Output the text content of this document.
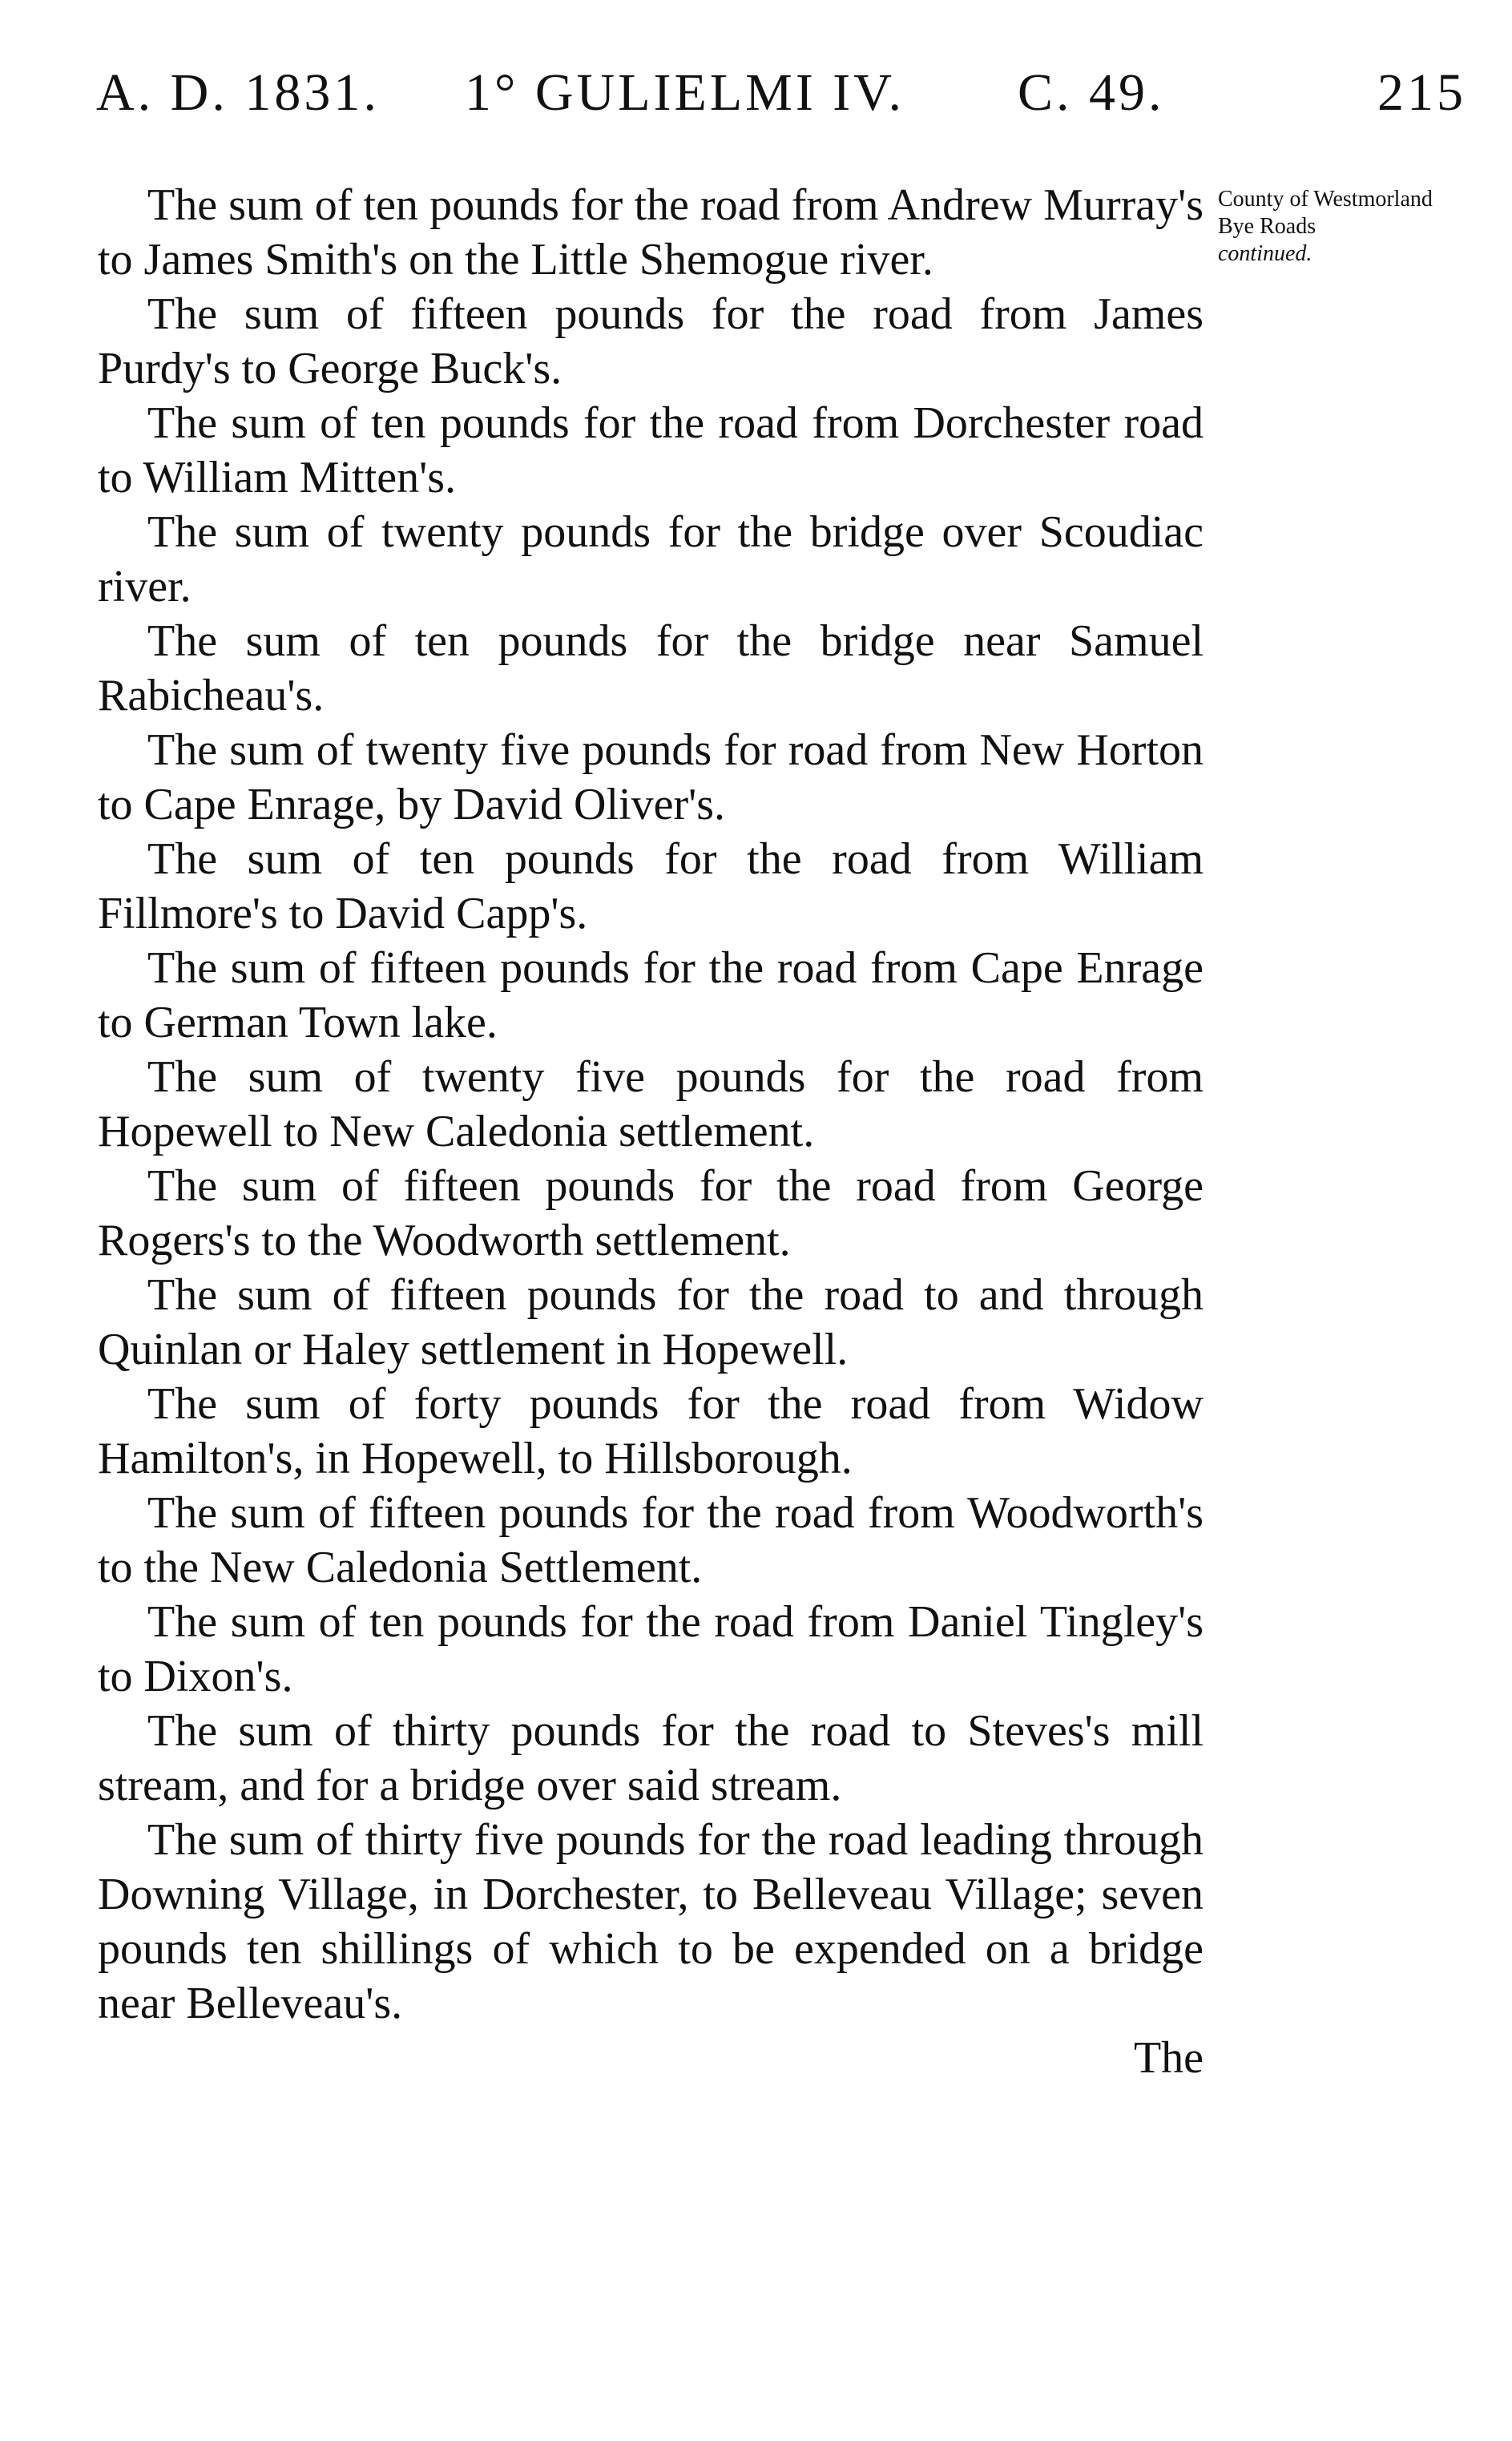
A. D. 1831. 1° GULIELMI IV. C. 49.	215
County of Westmorland Bye Roads
continued.

The sum of ten pounds for the road from Andrew Murray's to James Smith's on the Little Shemogue river.

The sum of fifteen pounds for the road from James Purdy's to George Buck's.

The sum of ten pounds for the road from Dorchester road to William Mitten's.

The sum of twenty pounds for the bridge over Scoudiac river.

The sum of ten pounds for the bridge near Samuel Rabicheau's.

The sum of twenty five pounds for road from New Horton to Cape Enrage, by David Oliver's.

The sum of ten pounds for the road from William Fillmore's to David Capp's.

The sum of fifteen pounds for the road from Cape Enrage to German Town lake.

The sum of twenty five pounds for the road from Hopewell to New Caledonia settlement.

The sum of fifteen pounds for the road from George Rogers's to the Woodworth settlement.

The sum of fifteen pounds for the road to and through Quinlan or Haley settlement in Hopewell.

The sum of forty pounds for the road from Widow Hamilton's, in Hopewell, to Hillsborough.

The sum of fifteen pounds for the road from Woodworth's to the New Caledonia Settlement.

The sum of ten pounds for the road from Daniel Tingley's to Dixon's.

The sum of thirty pounds for the road to Steves's mill stream, and for a bridge over said stream.

The sum of thirty five pounds for the road leading through Downing Village, in Dorchester, to Belleveau Village; seven pounds ten shillings of which to be expended on a bridge near Belleveau's.

The
